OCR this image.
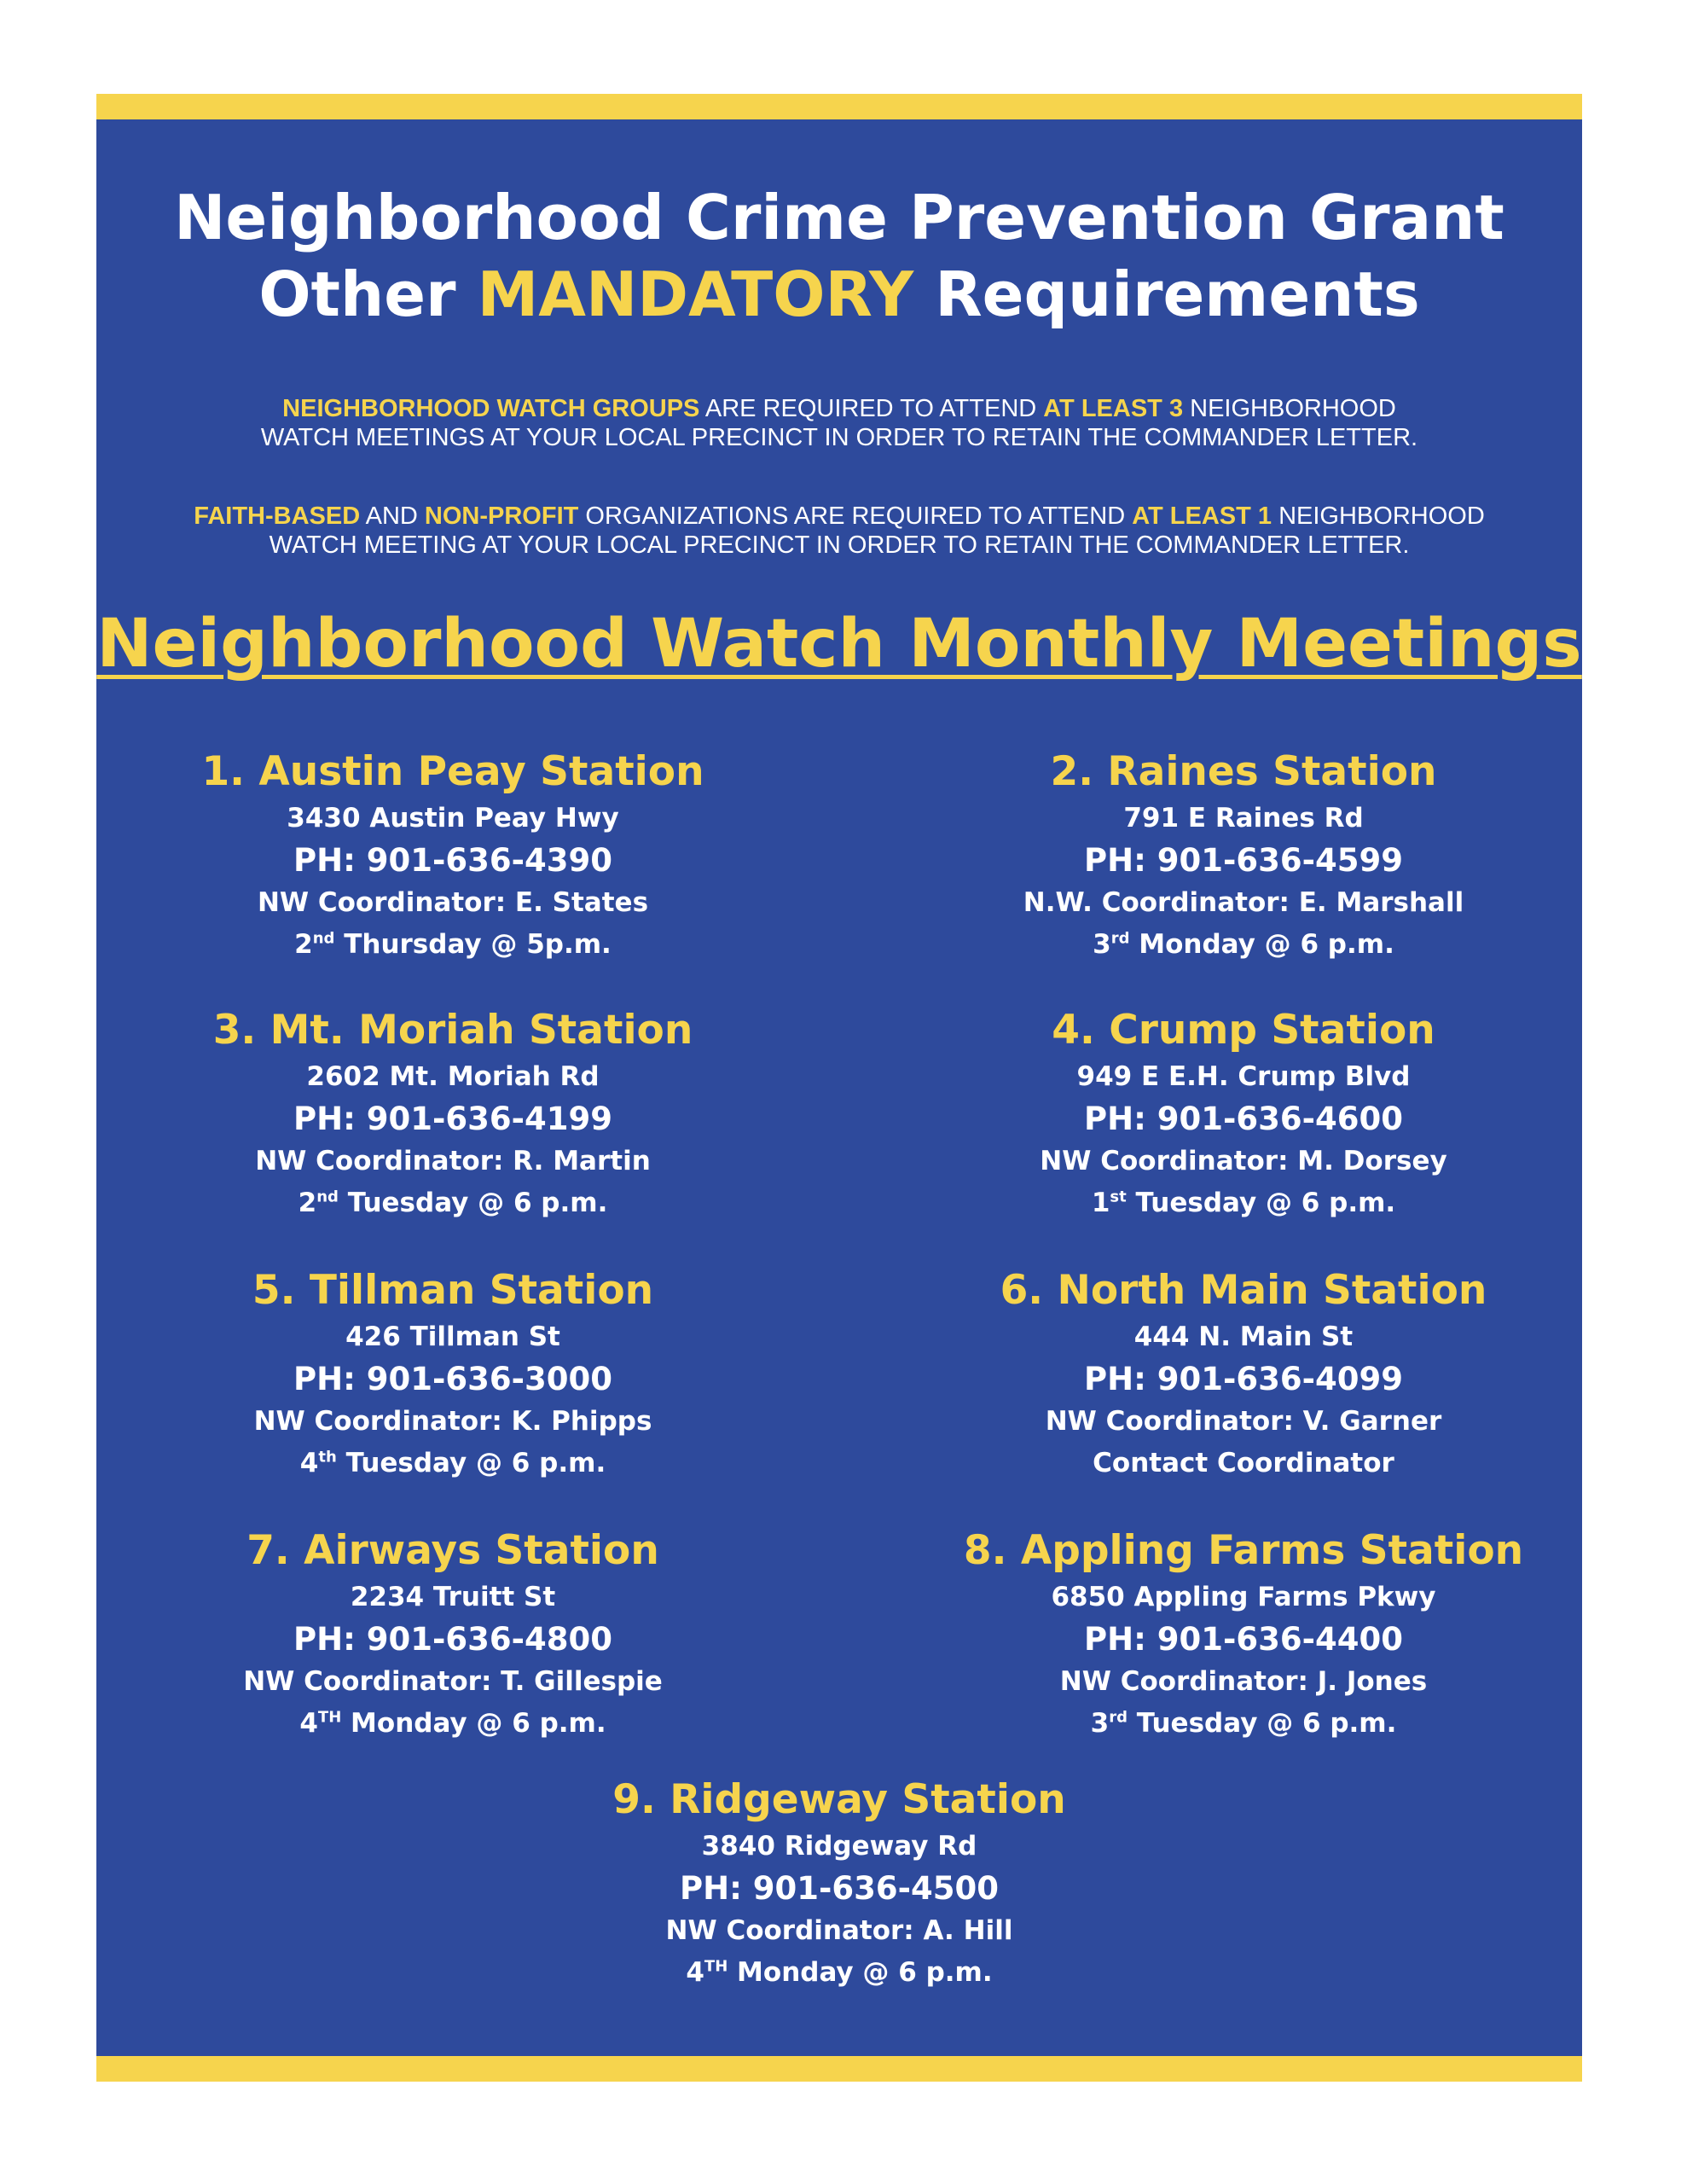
Neighborhood Crime Prevention Grant
Other MANDATORY Requirements
NEIGHBORHOOD WATCH GROUPS ARE REQUIRED TO ATTEND AT LEAST 3 NEIGHBORHOOD
WATCH MEETINGS AT YOUR LOCAL PRECINCT IN ORDER TO RETAIN THE COMMANDER LETTER.
FAITH-BASED AND NON-PROFIT ORGANIZATIONS ARE REQUIRED TO ATTEND AT LEAST 1 NEIGHBORHOOD
WATCH MEETING AT YOUR LOCAL PRECINCT IN ORDER TO RETAIN THE COMMANDER LETTER.
Neighborhood Watch Monthly Meetings
1. Austin Peay Station
3430 Austin Peay Hwy
PH: 901-636-4390
NW Coordinator: E. States
2nd Thursday @ 5p.m.
2. Raines Station
791 E Raines Rd
PH: 901-636-4599
N.W. Coordinator: E. Marshall
3rd Monday @ 6 p.m.
3. Mt. Moriah Station
2602 Mt. Moriah Rd
PH: 901-636-4199
NW Coordinator: R. Martin
2nd Tuesday @ 6 p.m.
4. Crump Station
949 E E.H. Crump Blvd
PH: 901-636-4600
NW Coordinator: M. Dorsey
1st Tuesday @ 6 p.m.
5. Tillman Station
426 Tillman St
PH: 901-636-3000
NW Coordinator: K. Phipps
4th Tuesday @ 6 p.m.
6. North Main Station
444 N. Main St
PH: 901-636-4099
NW Coordinator: V. Garner
Contact Coordinator
7. Airways Station
2234 Truitt St
PH: 901-636-4800
NW Coordinator: T. Gillespie
4TH Monday @ 6 p.m.
8. Appling Farms Station
6850 Appling Farms Pkwy
PH: 901-636-4400
NW Coordinator: J. Jones
3rd Tuesday @ 6 p.m.
9. Ridgeway Station
3840 Ridgeway Rd
PH: 901-636-4500
NW Coordinator: A. Hill
4TH Monday @ 6 p.m.
